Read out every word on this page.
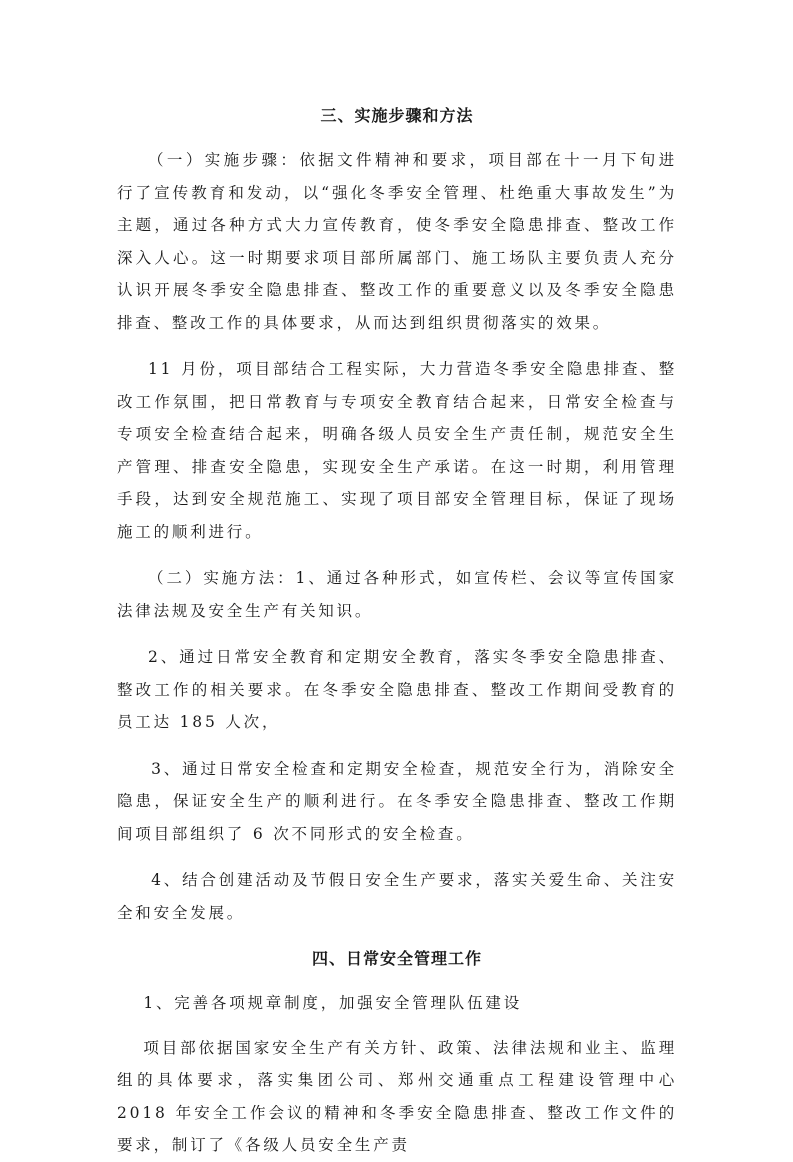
三、实施步骤和方法

（一）实施步骤：依据文件精神和要求，项目部在十一月下旬进行了宣传教育和发动，以“强化冬季安全管理、杜绝重大事故发生”为主题，通过各种方式大力宣传教育，使冬季安全隐患排查、整改工作深入人心。这一时期要求项目部所属部门、施工场队主要负责人充分认识开展冬季安全隐患排查、整改工作的重要意义以及冬季安全隐患排查、整改工作的具体要求，从而达到组织贯彻落实的效果。

11 月份，项目部结合工程实际，大力营造冬季安全隐患排查、整改工作氛围，把日常教育与专项安全教育结合起来，日常安全检查与专项安全检查结合起来，明确各级人员安全生产责任制，规范安全生产管理、排查安全隐患，实现安全生产承诺。在这一时期，利用管理手段，达到安全规范施工、实现了项目部安全管理目标，保证了现场施工的顺利进行。

（二）实施方法：1、通过各种形式，如宣传栏、会议等宣传国家法律法规及安全生产有关知识。

2、通过日常安全教育和定期安全教育，落实冬季安全隐患排查、整改工作的相关要求。在冬季安全隐患排查、整改工作期间受教育的员工达 185 人次，

3、通过日常安全检查和定期安全检查，规范安全行为，消除安全隐患，保证安全生产的顺利进行。在冬季安全隐患排查、整改工作期间项目部组织了 6 次不同形式的安全检查。

4、结合创建活动及节假日安全生产要求，落实关爱生命、关注安全和安全发展。

四、日常安全管理工作

1、完善各项规章制度，加强安全管理队伍建设

项目部依据国家安全生产有关方针、政策、法律法规和业主、监理组的具体要求，落实集团公司、郑州交通重点工程建设管理中心 2018 年安全工作会议的精神和冬季安全隐患排查、整改工作文件的要求，制订了《各级人员安全生产责
